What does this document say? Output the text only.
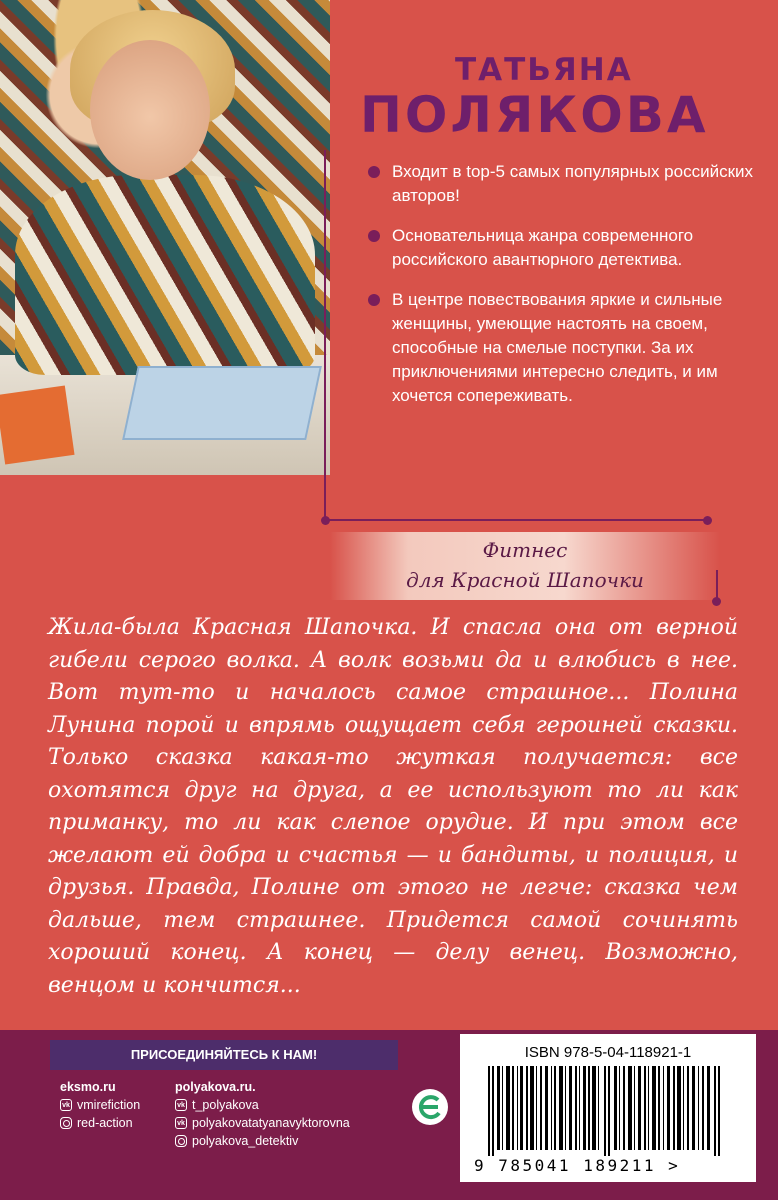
ТАТЬЯНА
ПОЛЯКОВА
Входит в top-5 самых популярных российских авторов!
Основательница жанра современного российского авантюрного детектива.
В центре повествования яркие и сильные женщины, умеющие настоять на своем, способные на смелые поступки. За их приключениями интересно следить, и им хочется сопереживать.
Фитнес
для Красной Шапочки

Жила-была Красная Шапочка. И спасла она от верной гибели серого волка. А волк возьми да и влюбись в нее. Вот тут-то и началось самое страшное... Полина Лунина порой и впрямь ощущает себя героиней сказки. Только сказка какая-то жуткая получается: все охотятся друг на друга, а ее используют то ли как приманку, то ли как слепое орудие. И при этом все желают ей добра и счастья — и бандиты, и полиция, и друзья. Правда, Полине от этого не легче: сказка чем дальше, тем страшнее. Придется самой сочинять хороший конец. А конец — делу венец. Возможно, венцом и кончится...

ПРИСОЕДИНЯЙТЕСЬ К НАМ!
eksmo.ru
vk vmirefiction
red-action
polyakova.ru.
vk t_polyakova
vk polyakovatatyanavyktorovna
polyakova_detektiv
ISBN 978-5-04-118921-1
9 785041 189211 >
